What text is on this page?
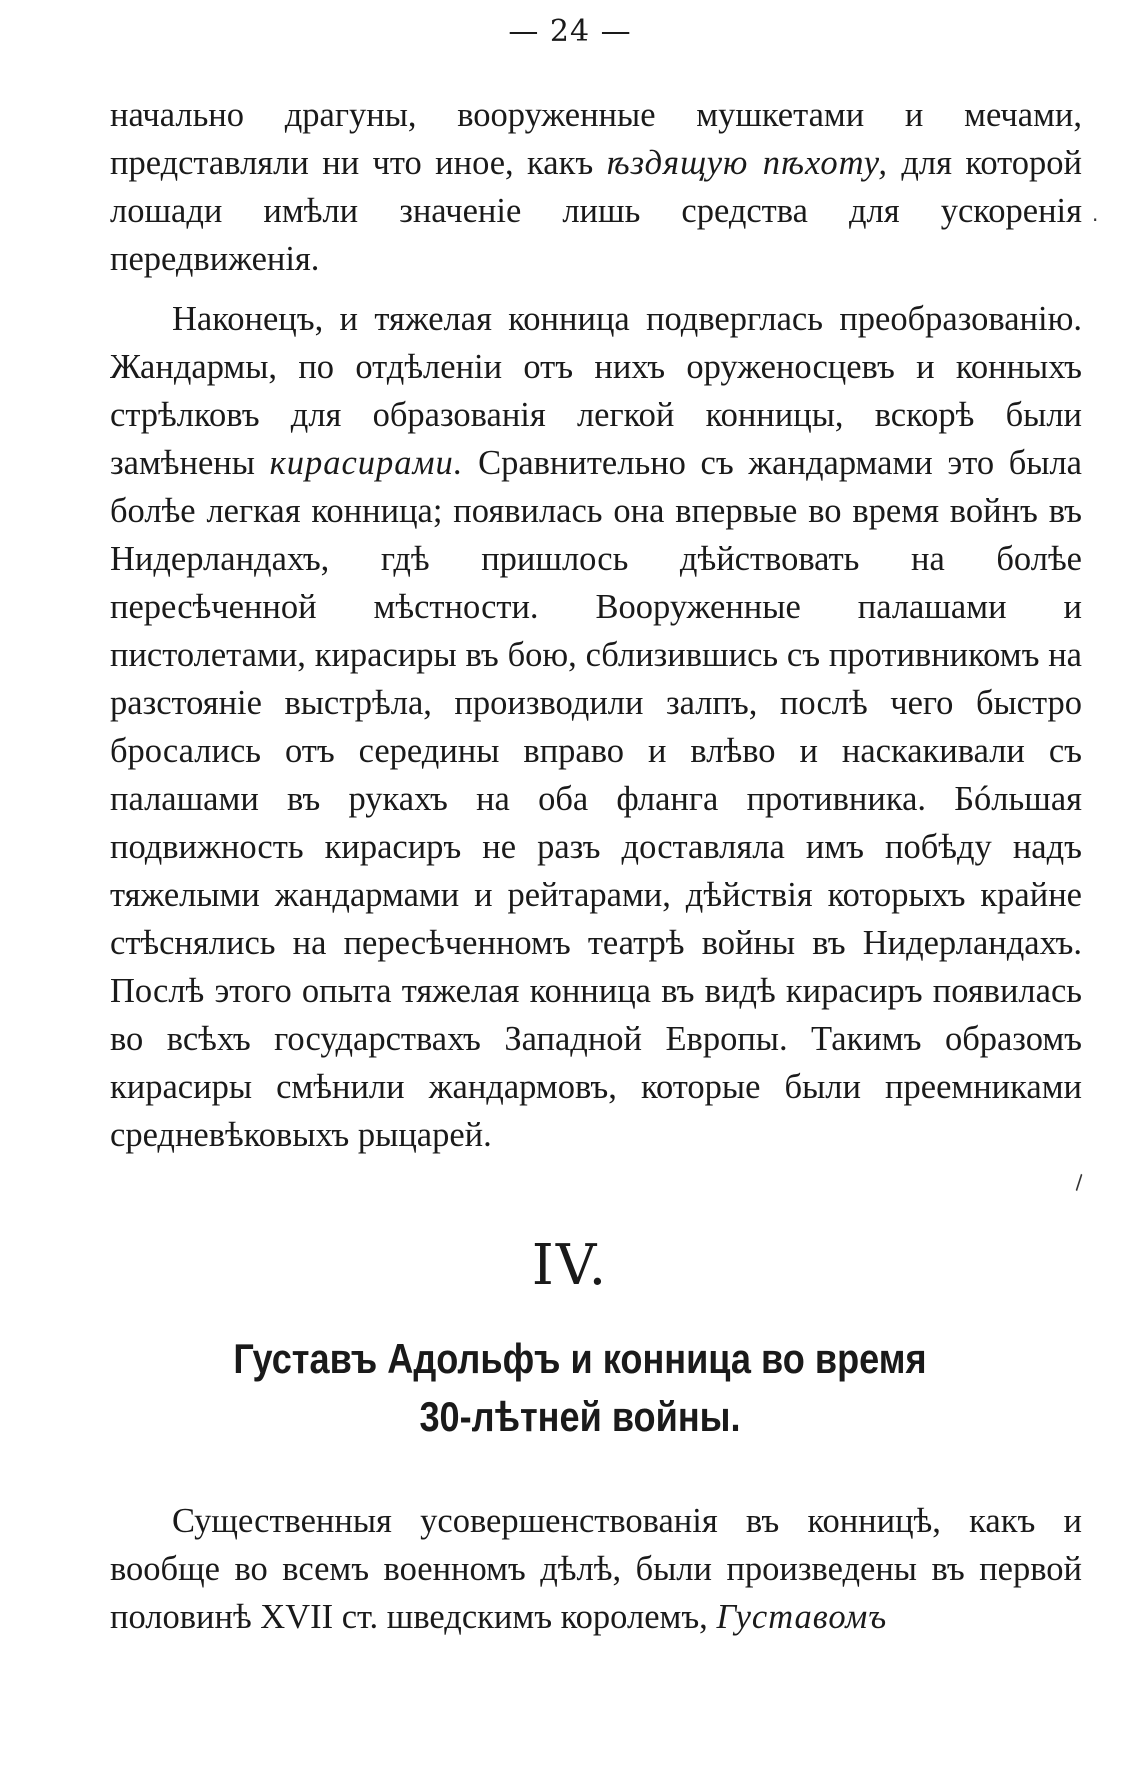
— 24 —

начально драгуны, вооруженные мушкетами и мечами, представляли ни что иное, какъ ѣздящую пѣхоту, для которой лошади имѣли значенiе лишь средства для ускоренiя передвиженiя.

·

Наконецъ, и тяжелая конница подверглась преобразованiю. Жандармы, по отдѣленiи отъ нихъ оруженосцевъ и конныхъ стрѣлковъ для образованiя легкой конницы, вскорѣ были замѣнены кирасирами. Сравнительно съ жандармами это была болѣе легкая конница; появилась она впервые во время войнъ въ Нидерландахъ, гдѣ пришлось дѣйствовать на болѣе пересѣченной мѣстности. Вооруженные палашами и пистолетами, кирасиры въ бою, сблизившись съ противникомъ на разстоянiе выстрѣла, производили залпъ, послѣ чего быстро бросались отъ середины вправо и влѣво и наскакивали съ палашами въ рукахъ на оба фланга противника. Бóльшая подвижность кирасиръ не разъ доставляла имъ побѣду надъ тяжелыми жандармами и рейтарами, дѣйствiя которыхъ крайне стѣснялись на пересѣченномъ театрѣ войны въ Нидерландахъ. Послѣ этого опыта тяжелая конница въ видѣ кирасиръ появилась во всѣхъ государствахъ Западной Европы. Такимъ образомъ кирасиры смѣнили жандармовъ, которые были преемниками средневѣковыхъ рыцарей.

\
IV.
Густавъ Адольфъ и конница во время
30-лѣтней войны.

Существенныя усовершенствованiя въ конницѣ, какъ и вообще во всемъ военномъ дѣлѣ, были произведены въ первой половинѣ XVII ст. шведскимъ королемъ, Густавомъ
